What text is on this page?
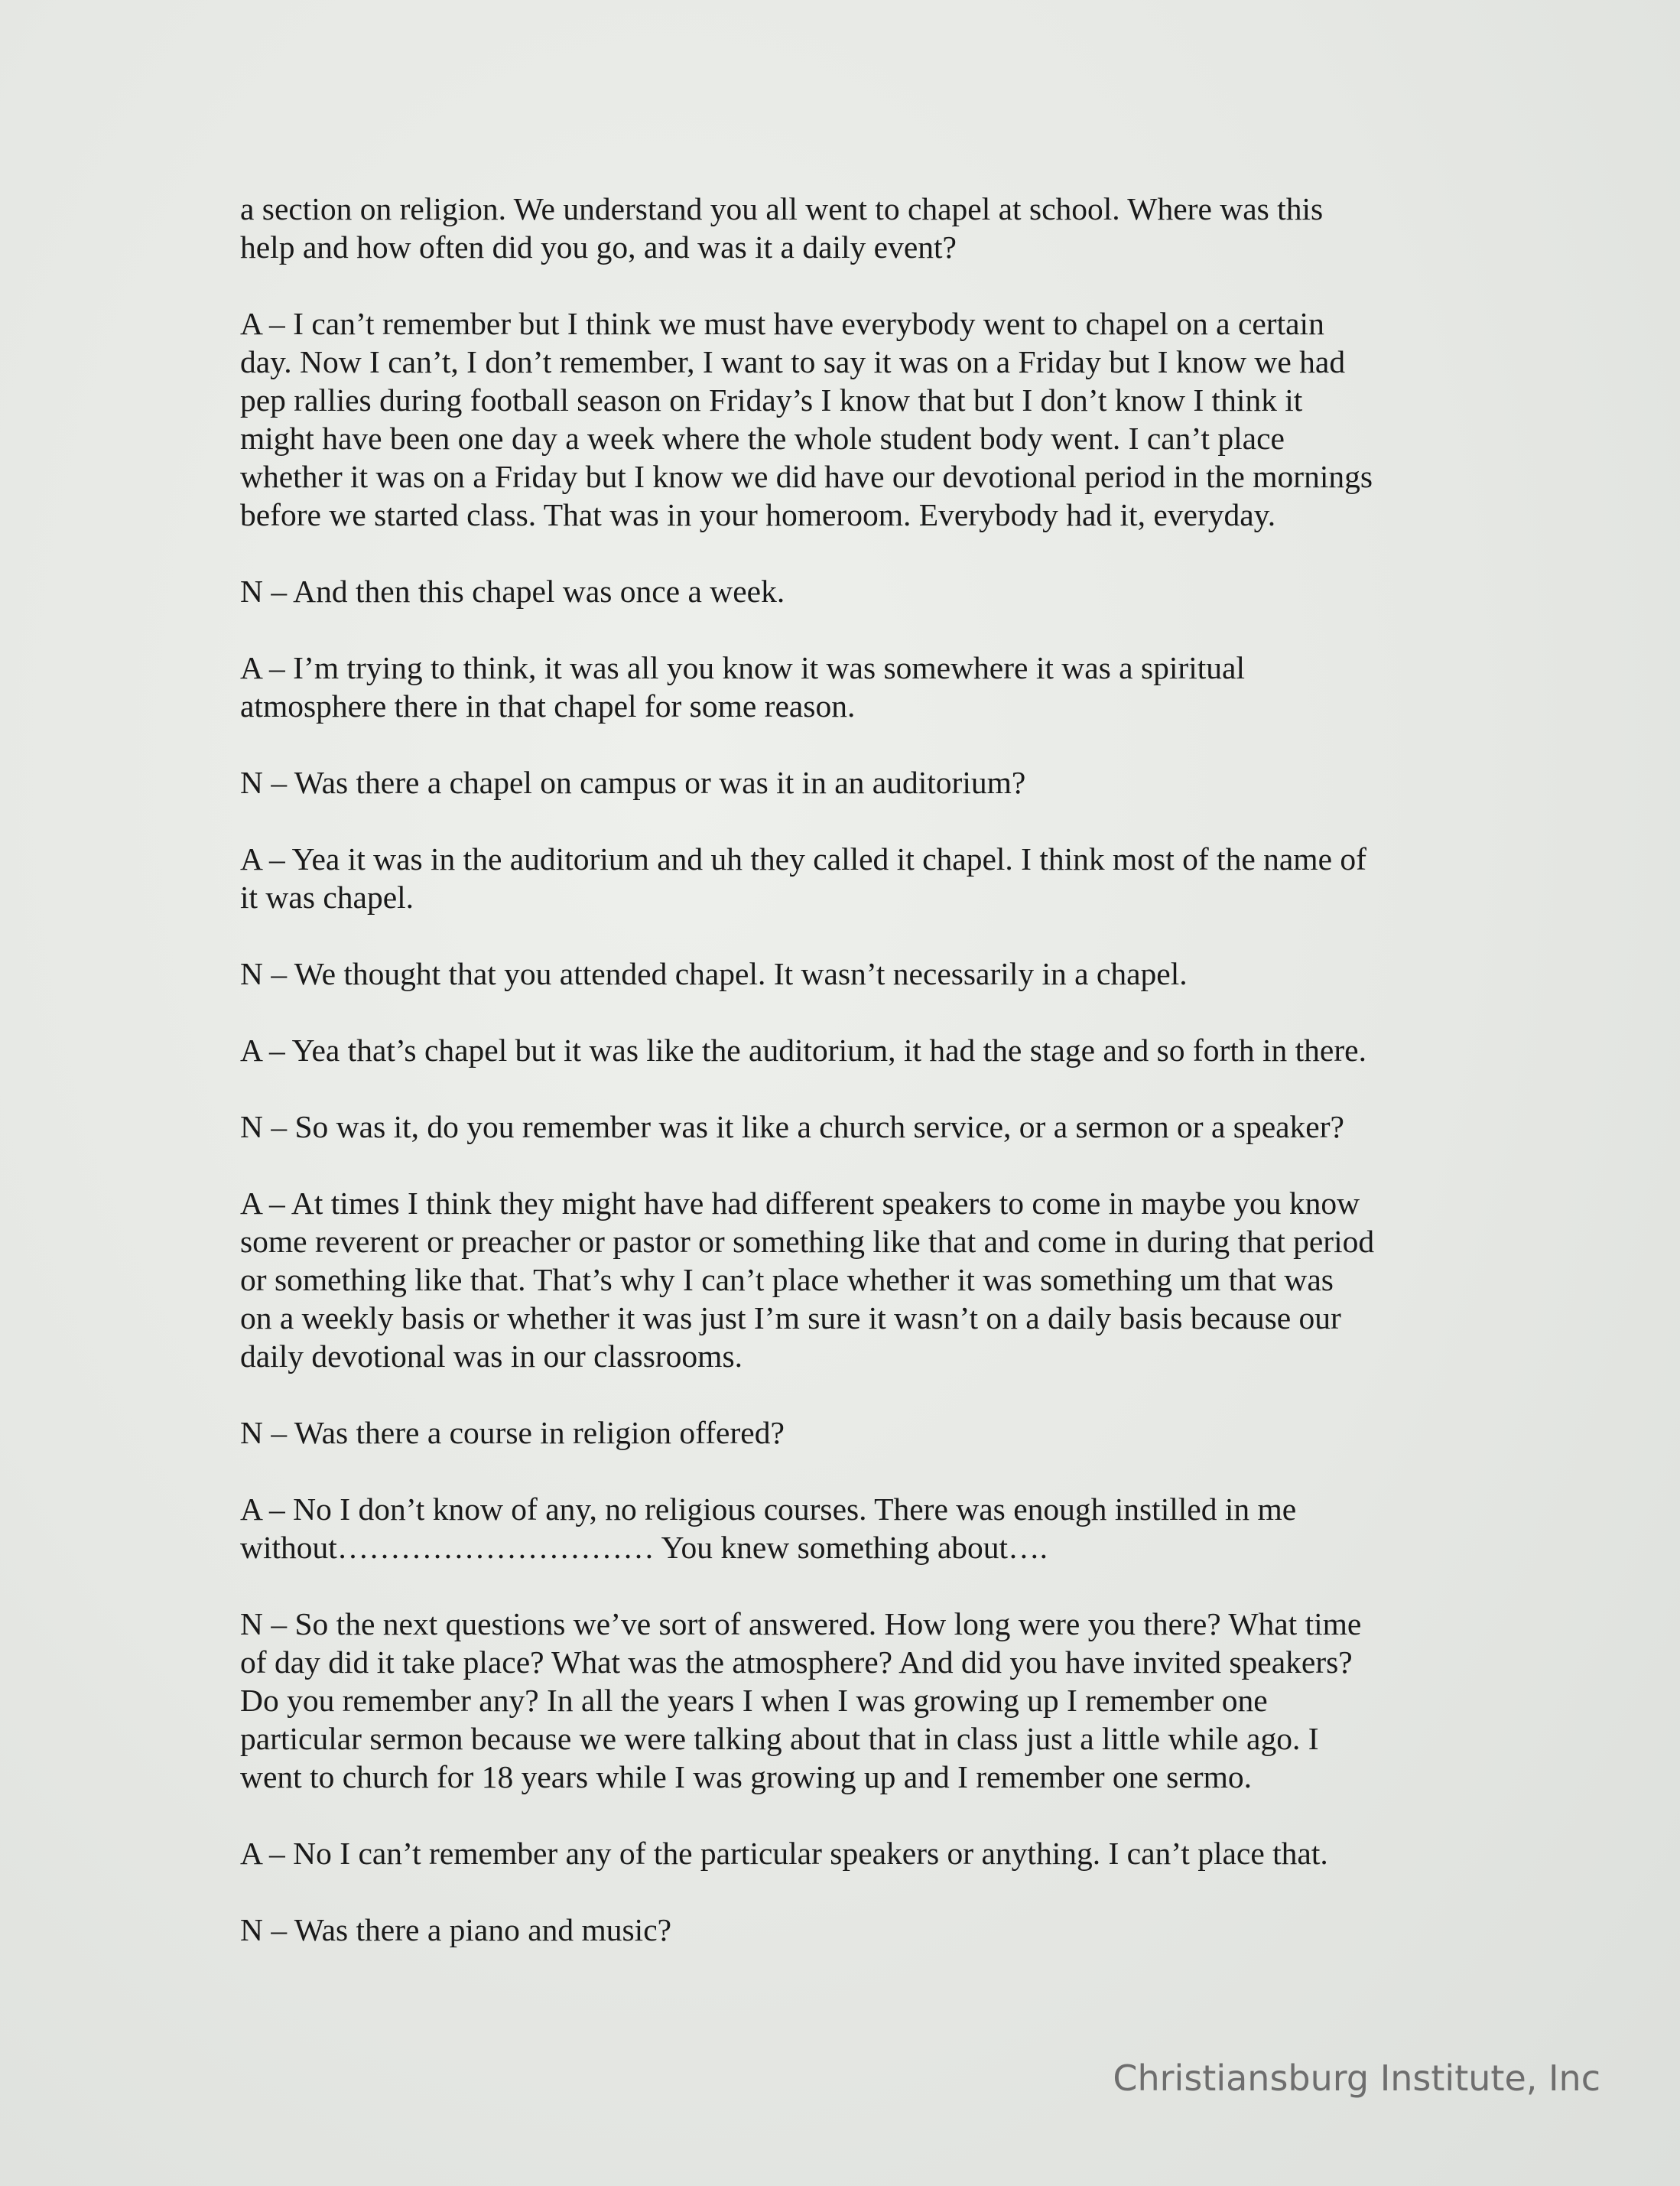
a section on religion. We understand you all went to chapel at school. Where was this
help and how often did you go, and was it a daily event?

A – I can’t remember but I think we must have everybody went to chapel on a certain
day. Now I can’t, I don’t remember, I want to say it was on a Friday but I know we had
pep rallies during football season on Friday’s I know that but I don’t know I think it
might have been one day a week where the whole student body went. I can’t place
whether it was on a Friday but I know we did have our devotional period in the mornings
before we started class. That was in your homeroom. Everybody had it, everyday.

N – And then this chapel was once a week.

A – I’m trying to think, it was all you know it was somewhere it was a spiritual
atmosphere there in that chapel for some reason.

N – Was there a chapel on campus or was it in an auditorium?

A – Yea it was in the auditorium and uh they called it chapel. I think most of the name of
it was chapel.

N – We thought that you attended chapel. It wasn’t necessarily in a chapel.

A – Yea that’s chapel but it was like the auditorium, it had the stage and so forth in there.

N – So was it, do you remember was it like a church service, or a sermon or a speaker?

A – At times I think they might have had different speakers to come in maybe you know
some reverent or preacher or pastor or something like that and come in during that period
or something like that. That’s why I can’t place whether it was something um that was
on a weekly basis or whether it was just I’m sure it wasn’t on a daily basis because our
daily devotional was in our classrooms.

N – Was there a course in religion offered?

A – No I don’t know of any, no religious courses. There was enough instilled in me
without………………………… You knew something about….

N – So the next questions we’ve sort of answered. How long were you there? What time
of day did it take place? What was the atmosphere? And did you have invited speakers?
Do you remember any? In all the years I when I was growing up I remember one
particular sermon because we were talking about that in class just a little while ago. I
went to church for 18 years while I was growing up and I remember one sermo.

A – No I can’t remember any of the particular speakers or anything. I can’t place that.

N – Was there a piano and music?

Christiansburg Institute, Inc
